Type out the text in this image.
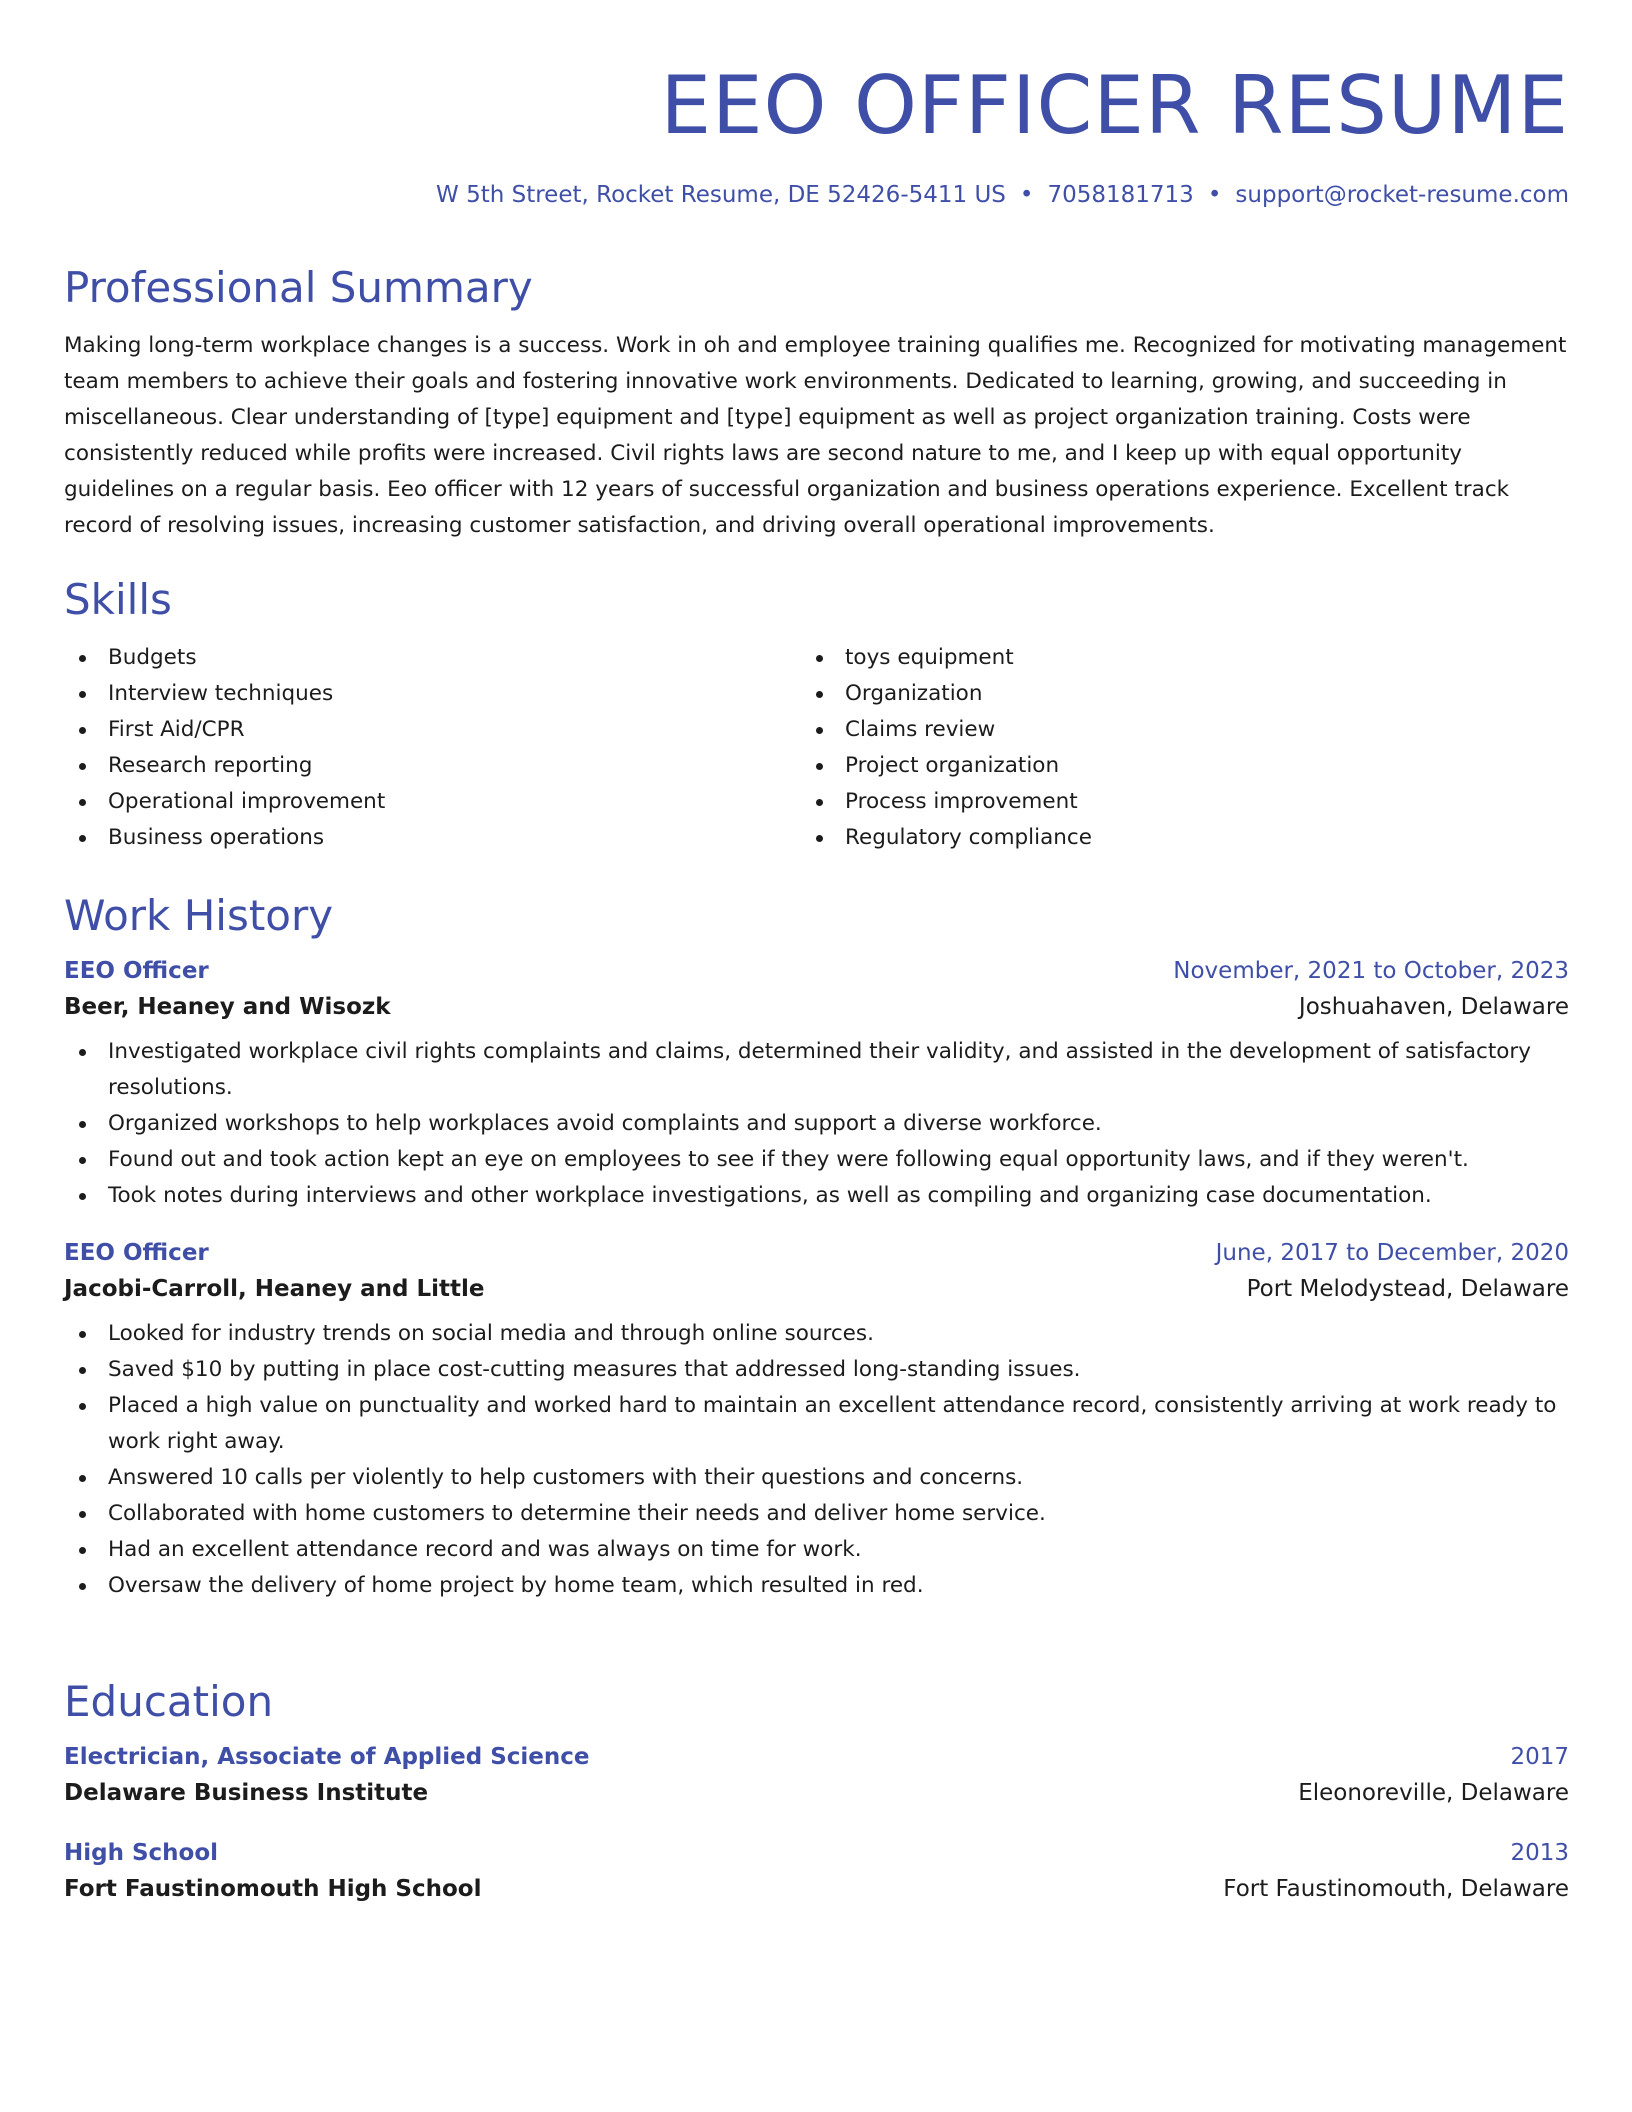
EEO OFFICER RESUME
W 5th Street, Rocket Resume, DE 52426-5411 US • 7058181713 • support@rocket-resume.com
Professional Summary

Making long-term workplace changes is a success. Work in oh and employee training qualifies me. Recognized for motivating management team members to achieve their goals and fostering innovative work environments. Dedicated to learning, growing, and succeeding in miscellaneous. Clear understanding of [type] equipment and [type] equipment as well as project organization training. Costs were consistently reduced while profits were increased. Civil rights laws are second nature to me, and I keep up with equal opportunity guidelines on a regular basis. Eeo officer with 12 years of successful organization and business operations experience. Excellent track record of resolving issues, increasing customer satisfaction, and driving overall operational improvements.

Skills
Budgets
Interview techniques
First Aid/CPR
Research reporting
Operational improvement
Business operations
toys equipment
Organization
Claims review
Project organization
Process improvement
Regulatory compliance
Work History
EEO Officer	November, 2021 to October, 2023
Beer, Heaney and Wisozk	Joshuahaven, Delaware
Investigated workplace civil rights complaints and claims, determined their validity, and assisted in the development of satisfactory resolutions.
Organized workshops to help workplaces avoid complaints and support a diverse workforce.
Found out and took action kept an eye on employees to see if they were following equal opportunity laws, and if they weren't.
Took notes during interviews and other workplace investigations, as well as compiling and organizing case documentation.
EEO Officer	June, 2017 to December, 2020
Jacobi-Carroll, Heaney and Little	Port Melodystead, Delaware
Looked for industry trends on social media and through online sources.
Saved $10 by putting in place cost-cutting measures that addressed long-standing issues.
Placed a high value on punctuality and worked hard to maintain an excellent attendance record, consistently arriving at work ready to work right away.
Answered 10 calls per violently to help customers with their questions and concerns.
Collaborated with home customers to determine their needs and deliver home service.
Had an excellent attendance record and was always on time for work.
Oversaw the delivery of home project by home team, which resulted in red.
Education
Electrician, Associate of Applied Science	2017
Delaware Business Institute	Eleonoreville, Delaware
High School	2013
Fort Faustinomouth High School	Fort Faustinomouth, Delaware
